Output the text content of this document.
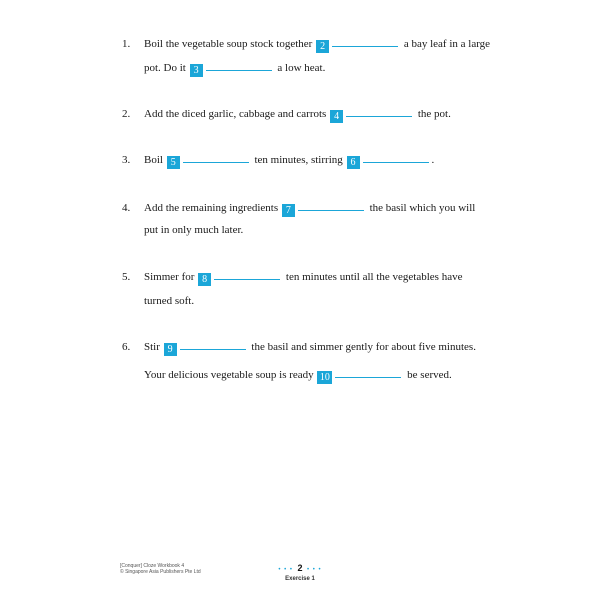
1. Boil the vegetable soup stock together 2	a bay leaf in a large
pot. Do it 3	a low heat.
2. Add the diced garlic, cabbage and carrots 4	the pot.
3. Boil 5	ten minutes, stirring 6	.
4. Add the remaining ingredients 7	the basil which you will
put in only much later.
5. Simmer for 8	ten minutes until all the vegetables have
turned soft.
6. Stir 9	the basil and simmer gently for about five minutes.
Your delicious vegetable soup is ready 10	be served.
[Conquer] Cloze Workbook 4
© Singapore Asia Publishers Pte Ltd	• • • 2 • • •
Exercise 1
